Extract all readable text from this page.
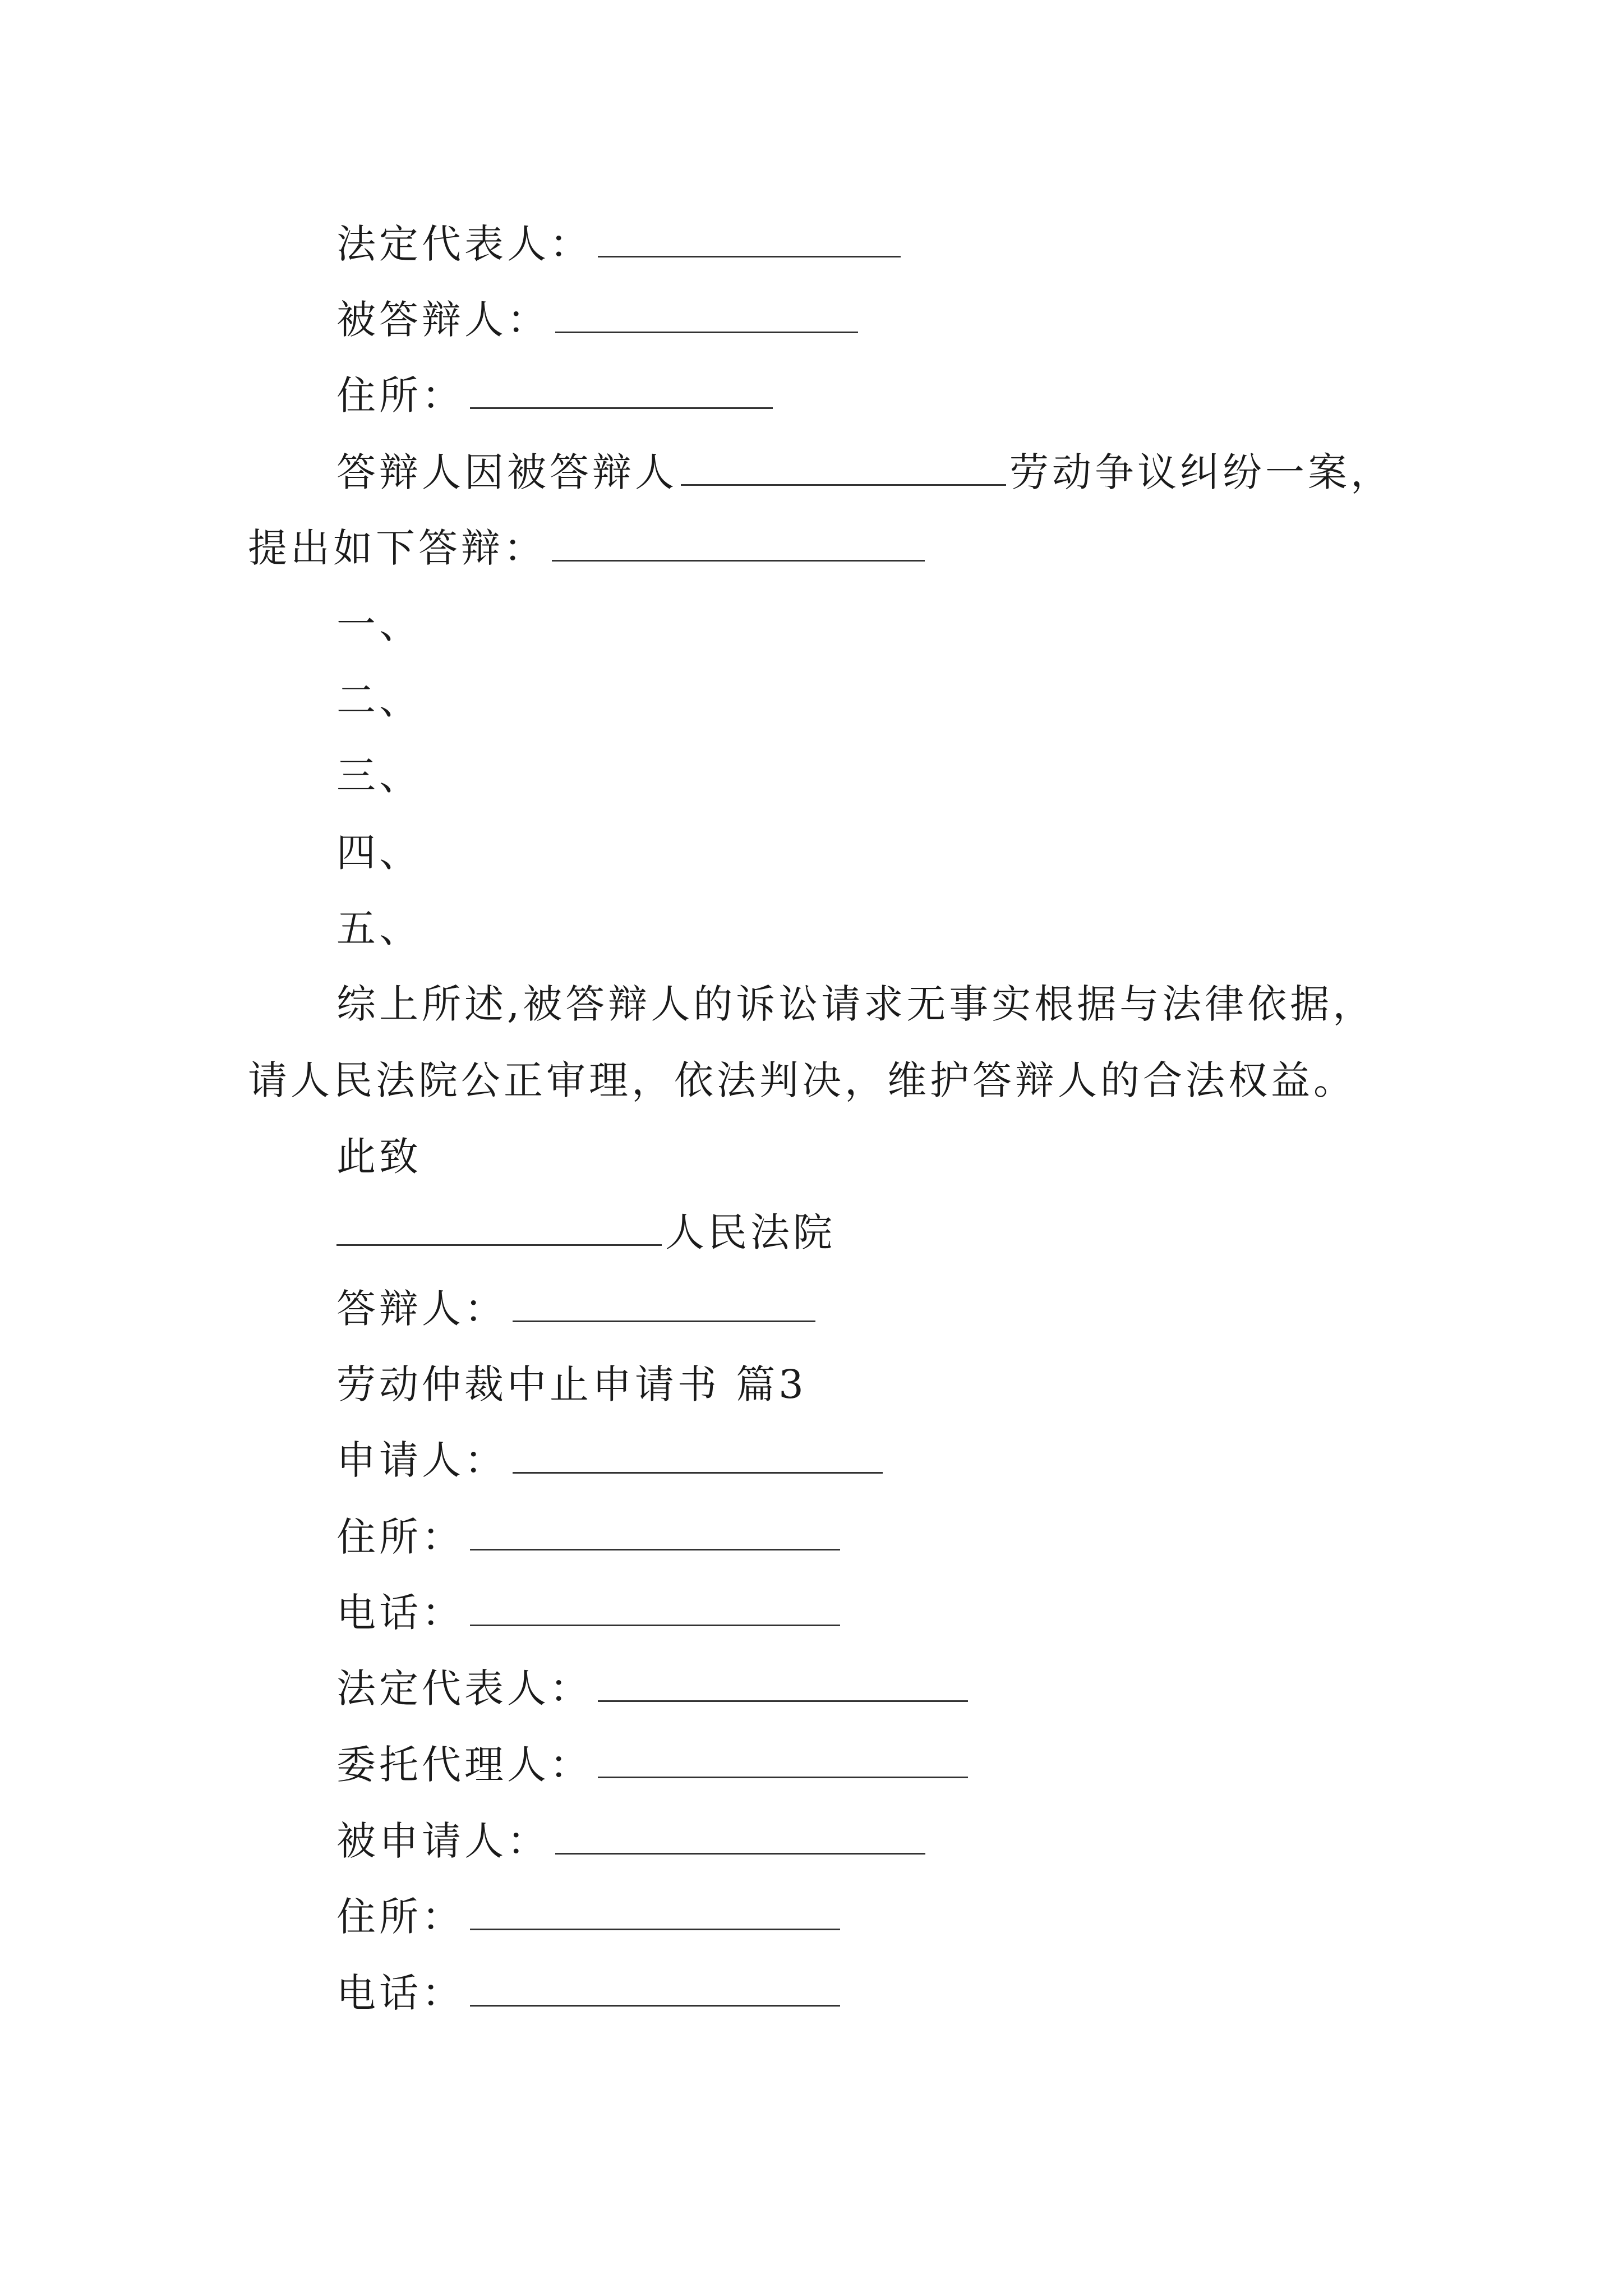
法定代表人：
被答辩人：
住所：
答辩人因被答辩人	劳动争议纠纷一案，
提出如下答辩：
一、
二、
三、
四、
五、
综上所述,被答辩人的诉讼请求无事实根据与法律依据，
请人民法院公正审理，依法判决，维护答辩人的合法权益。
此致
人民法院
答辩人：
劳动仲裁中止申请书 篇3
申请人：
住所：
电话：
法定代表人：
委托代理人：
被申请人：
住所：
电话：
